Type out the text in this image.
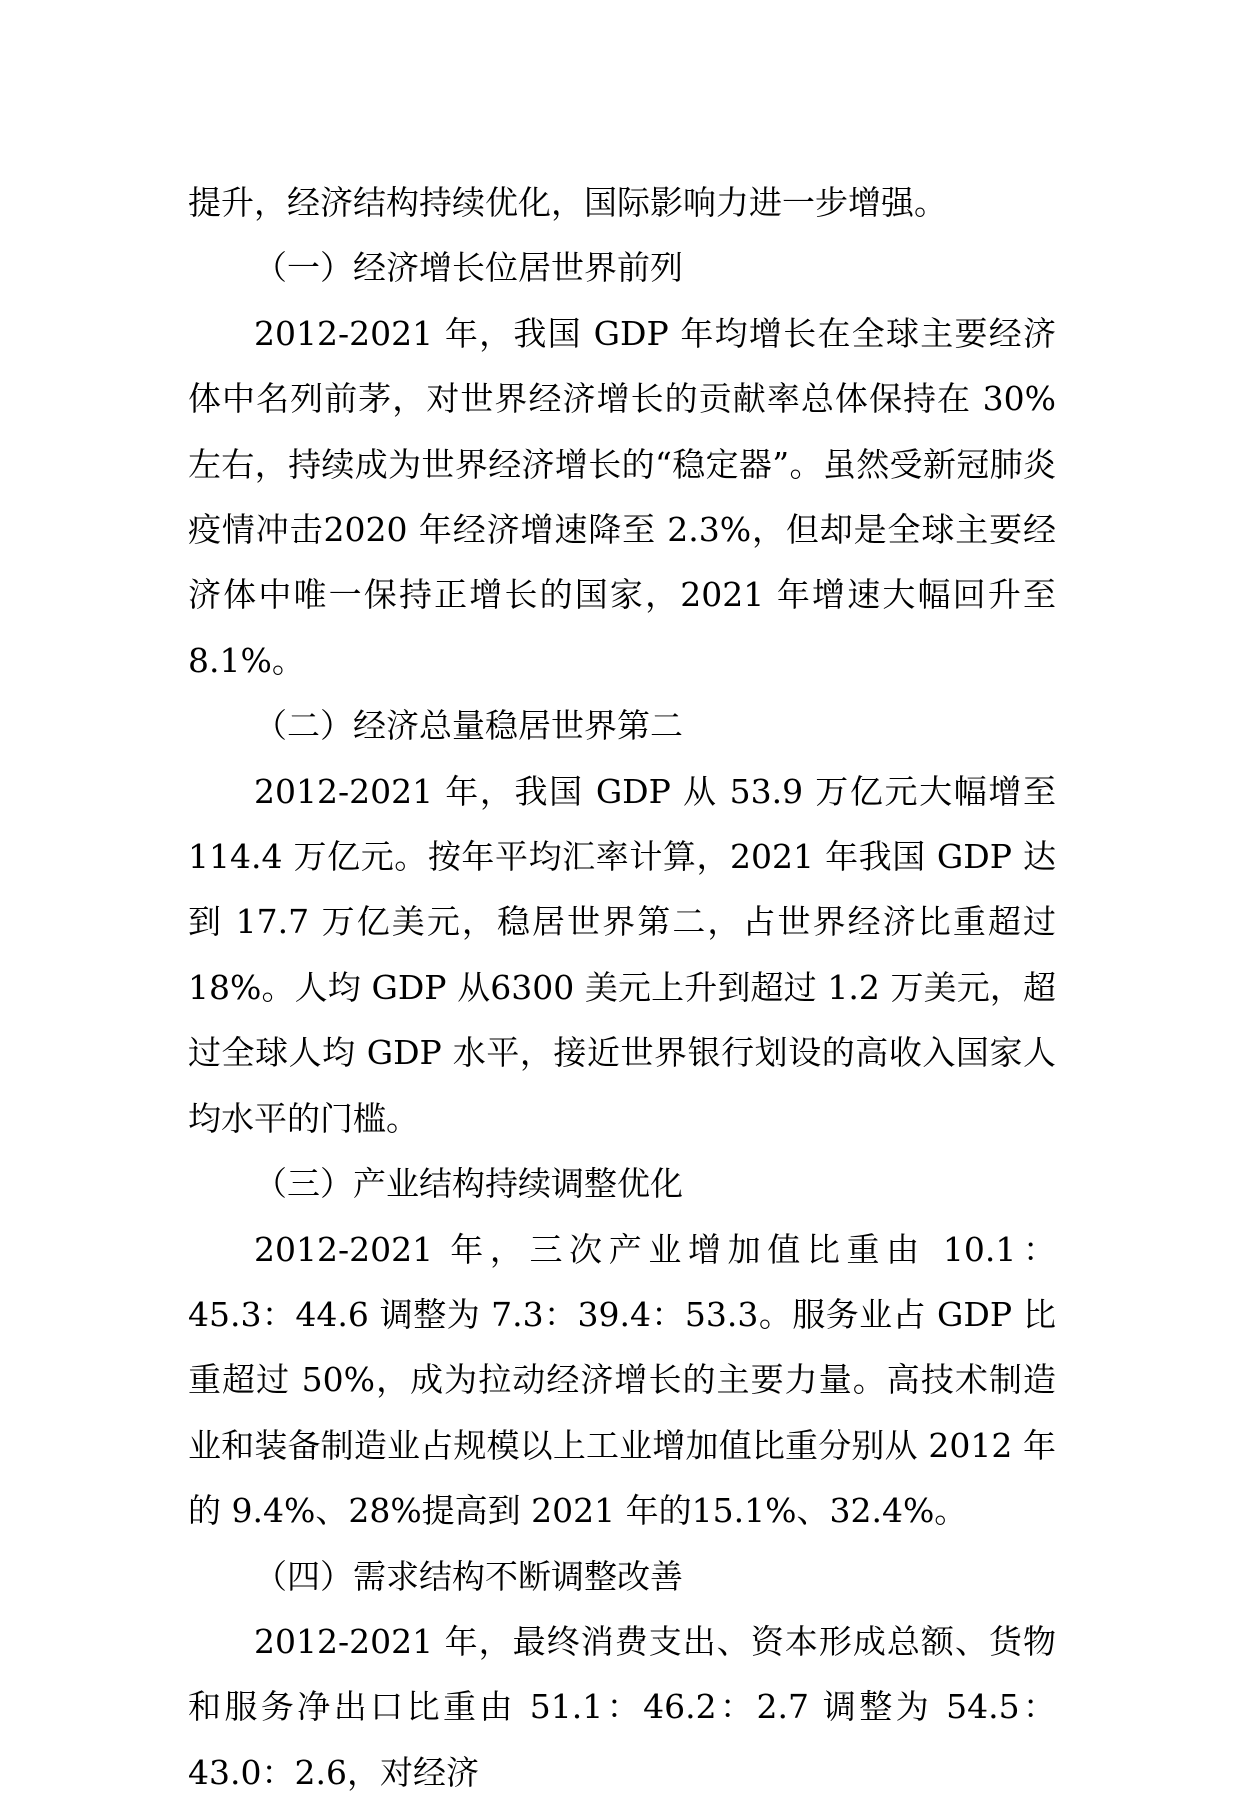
提升，经济结构持续优化，国际影响力进一步增强。

（一）经济增长位居世界前列

2012-2021 年，我国 GDP 年均增长在全球主要经济体中名列前茅，对世界经济增长的贡献率总体保持在 30%左右，持续成为世界经济增长的“稳定器”。虽然受新冠肺炎疫情冲击2020 年经济增速降至 2.3%，但却是全球主要经济体中唯一保持正增长的国家，2021 年增速大幅回升至 8.1%。

（二）经济总量稳居世界第二

2012-2021 年，我国 GDP 从 53.9 万亿元大幅增至 114.4 万亿元。按年平均汇率计算，2021 年我国 GDP 达到 17.7 万亿美元，稳居世界第二，占世界经济比重超过 18%。人均 GDP 从6300 美元上升到超过 1.2 万美元，超过全球人均 GDP 水平，接近世界银行划设的高收入国家人均水平的门槛。

（三）产业结构持续调整优化

2012-2021 年，三次产业增加值比重由 10.1：45.3：44.6 调整为 7.3：39.4：53.3。服务业占 GDP 比重超过 50%，成为拉动经济增长的主要力量。高技术制造业和装备制造业占规模以上工业增加值比重分别从 2012 年的 9.4%、28%提高到 2021 年的15.1%、32.4%。

（四）需求结构不断调整改善

2012-2021 年，最终消费支出、资本形成总额、货物和服务净出口比重由 51.1：46.2：2.7 调整为 54.5：43.0：2.6，对经济
